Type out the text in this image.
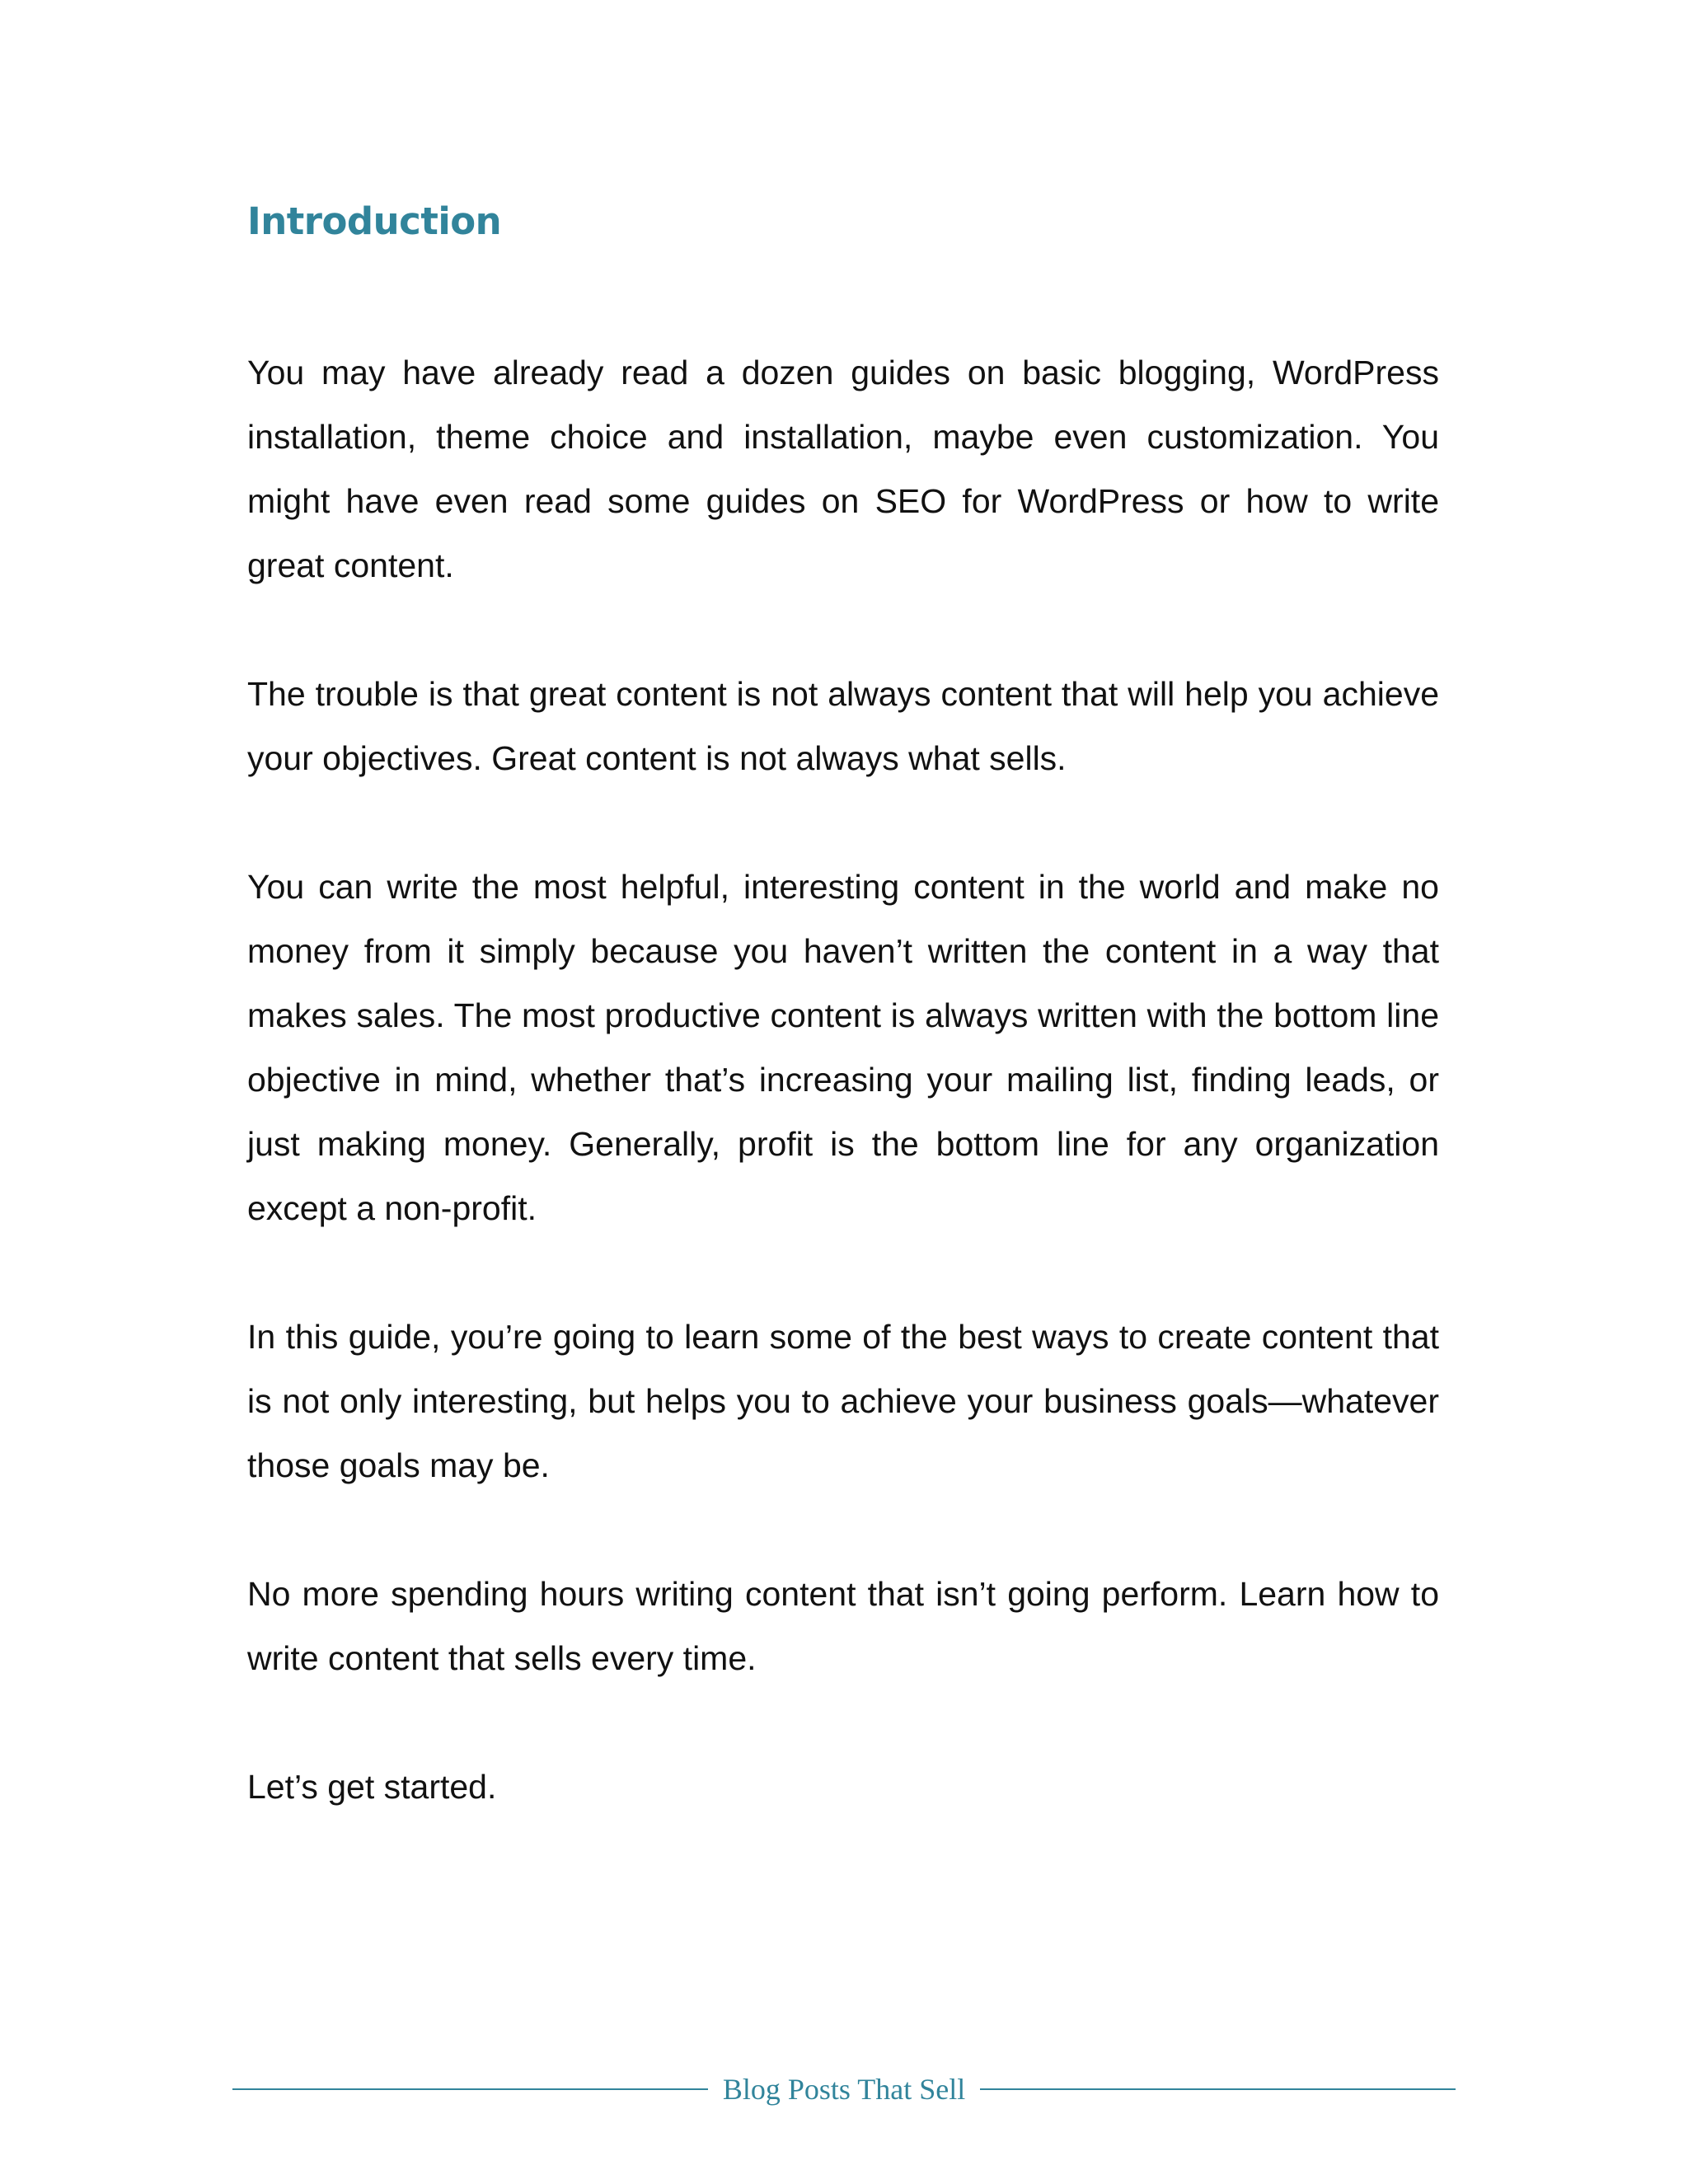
Introduction

You may have already read a dozen guides on basic blogging, WordPress installation, theme choice and installation, maybe even customization. You might have even read some guides on SEO for WordPress or how to write great content.

The trouble is that great content is not always content that will help you achieve your objectives. Great content is not always what sells.

You can write the most helpful, interesting content in the world and make no money from it simply because you haven’t written the content in a way that makes sales. The most productive content is always written with the bottom line objective in mind, whether that’s increasing your mailing list, finding leads, or just making money. Generally, profit is the bottom line for any organization except a non-profit.

In this guide, you’re going to learn some of the best ways to create content that is not only interesting, but helps you to achieve your business goals—whatever those goals may be.

No more spending hours writing content that isn’t going perform. Learn how to write content that sells every time.

Let’s get started.

Blog Posts That Sell
